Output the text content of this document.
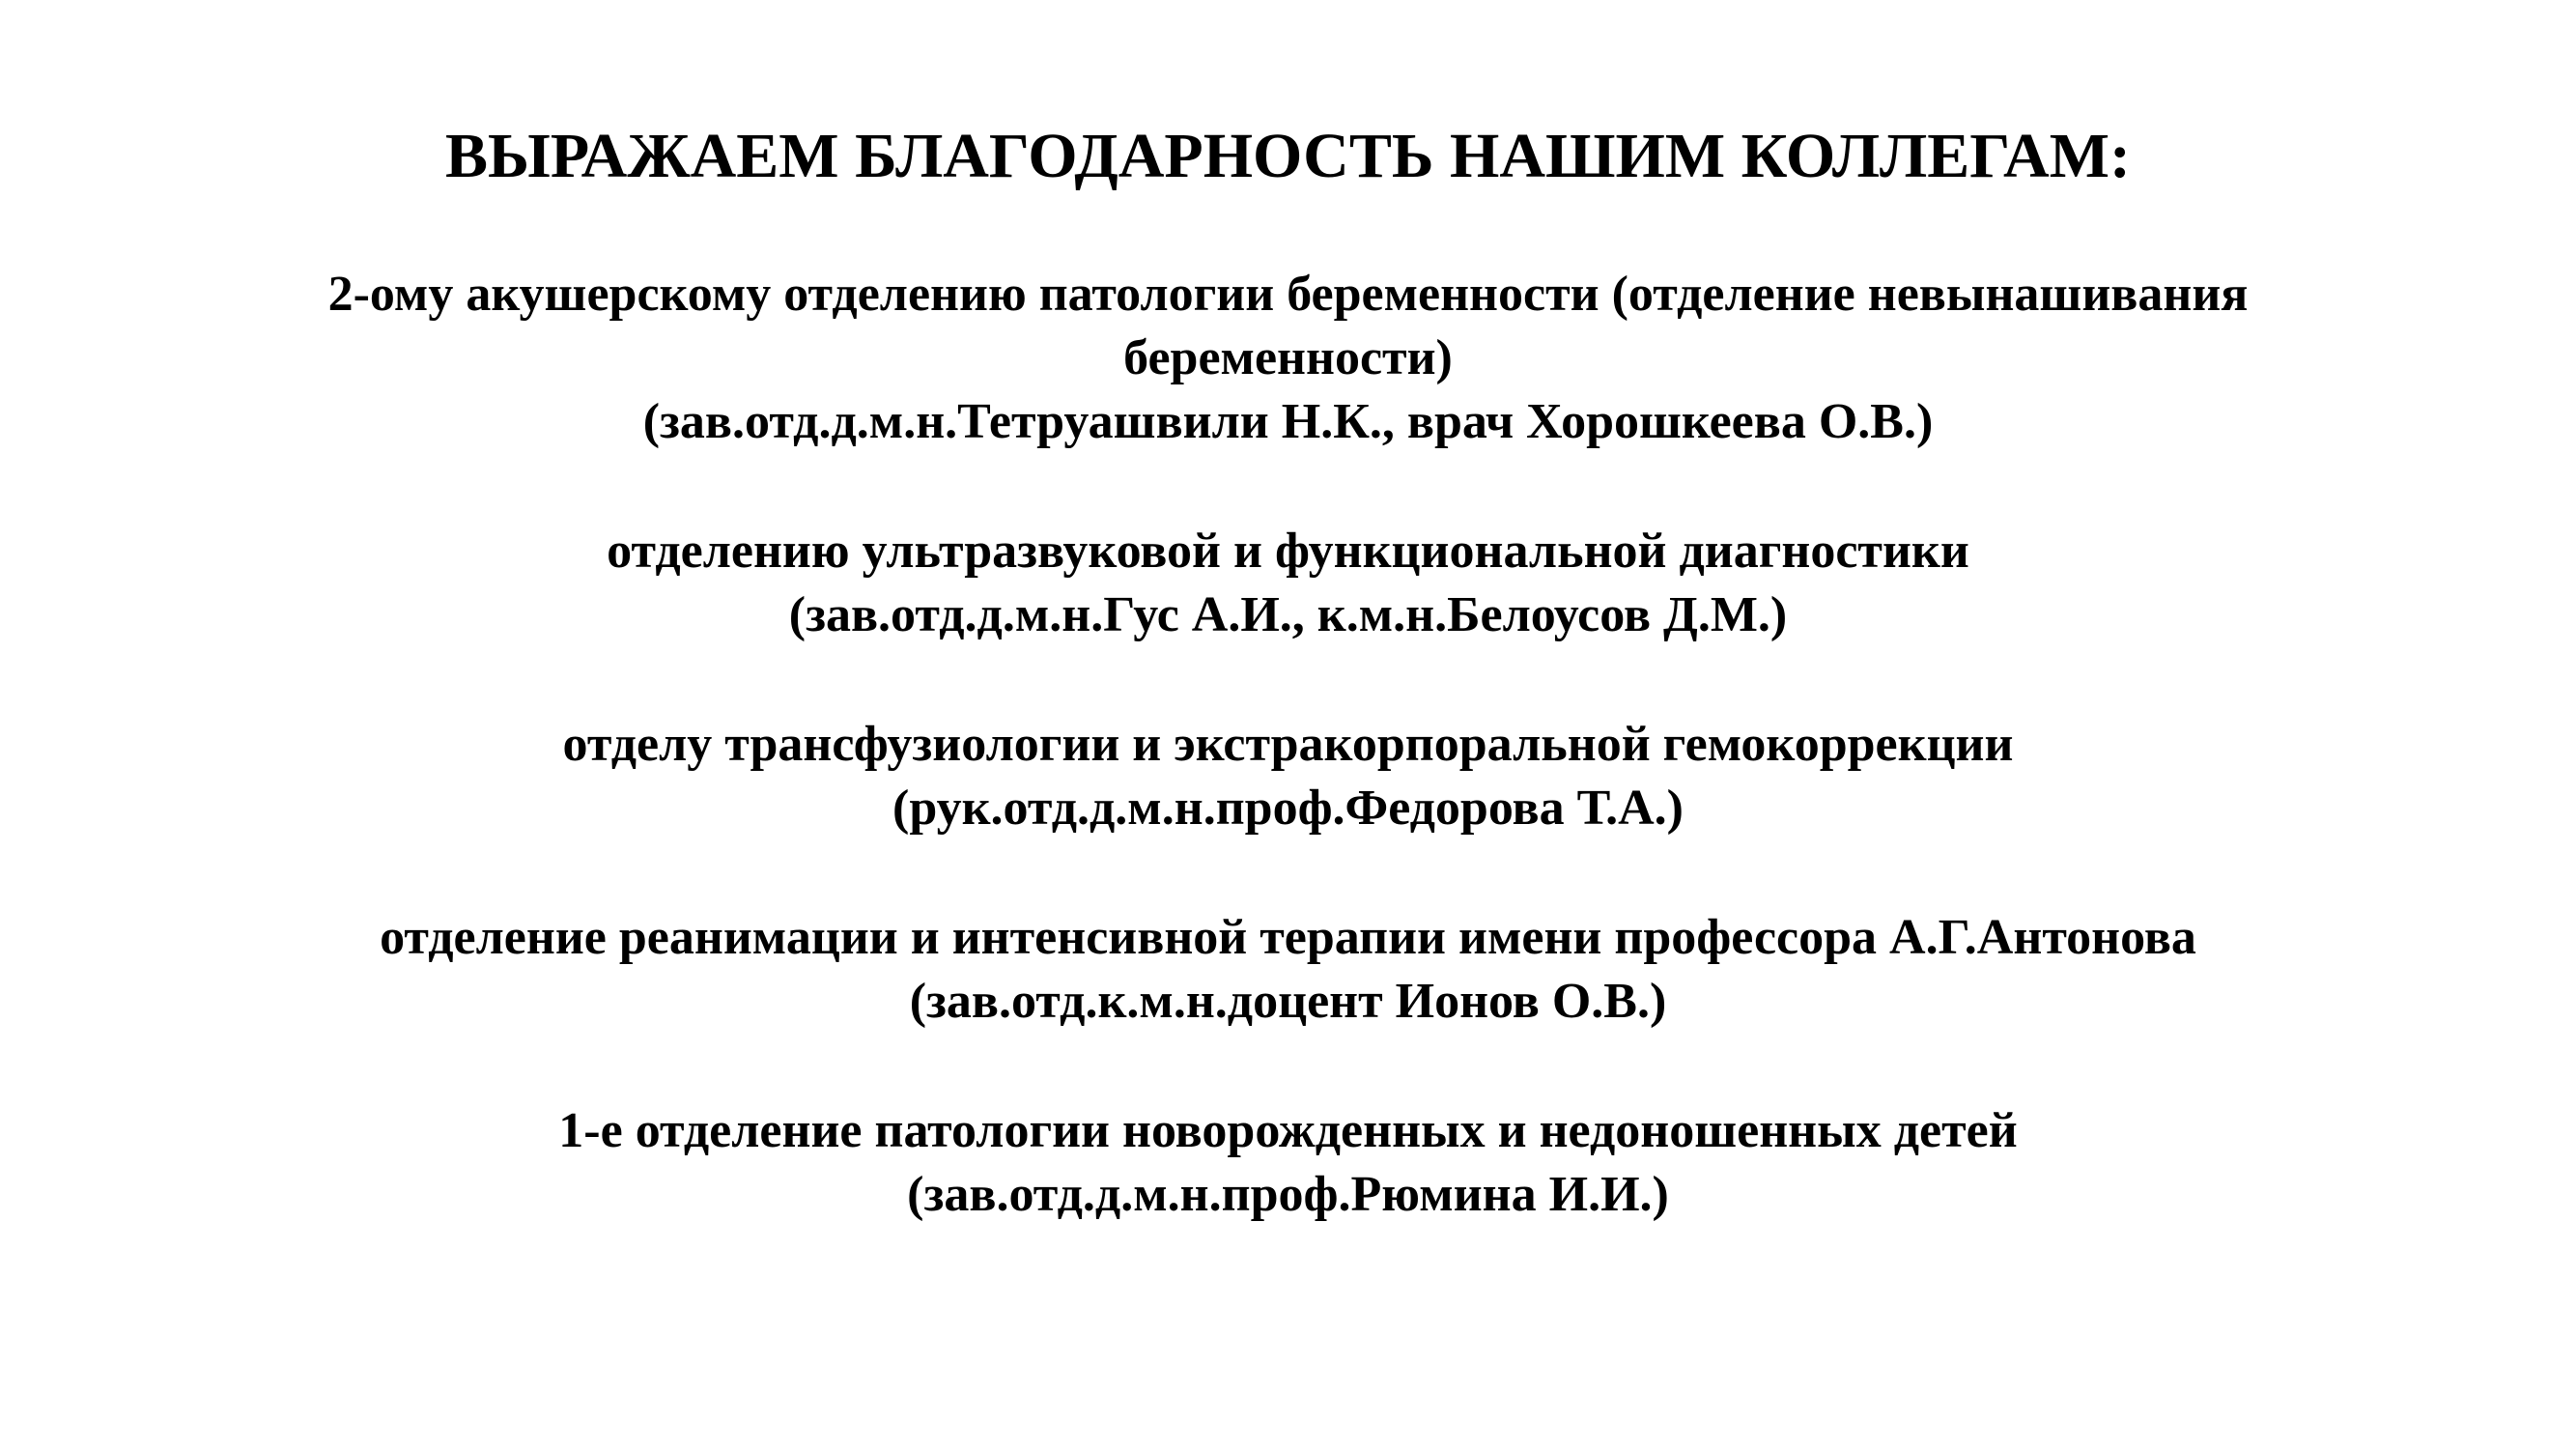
ВЫРАЖАЕМ БЛАГОДАРНОСТЬ НАШИМ КОЛЛЕГАМ:
2-ому акушерскому отделению патологии беременности (отделение невынашивания
беременности)
(зав.отд.д.м.н.Тетруашвили Н.К., врач Хорошкеева О.В.)
отделению ультразвуковой и функциональной диагностики
(зав.отд.д.м.н.Гус А.И., к.м.н.Белоусов Д.М.)
отделу трансфузиологии и экстракорпоральной гемокоррекции
(рук.отд.д.м.н.проф.Федорова Т.А.)
отделение реанимации и интенсивной терапии имени профессора А.Г.Антонова
(зав.отд.к.м.н.доцент Ионов О.В.)
1-е отделение патологии новорожденных и недоношенных детей
(зав.отд.д.м.н.проф.Рюмина И.И.)
